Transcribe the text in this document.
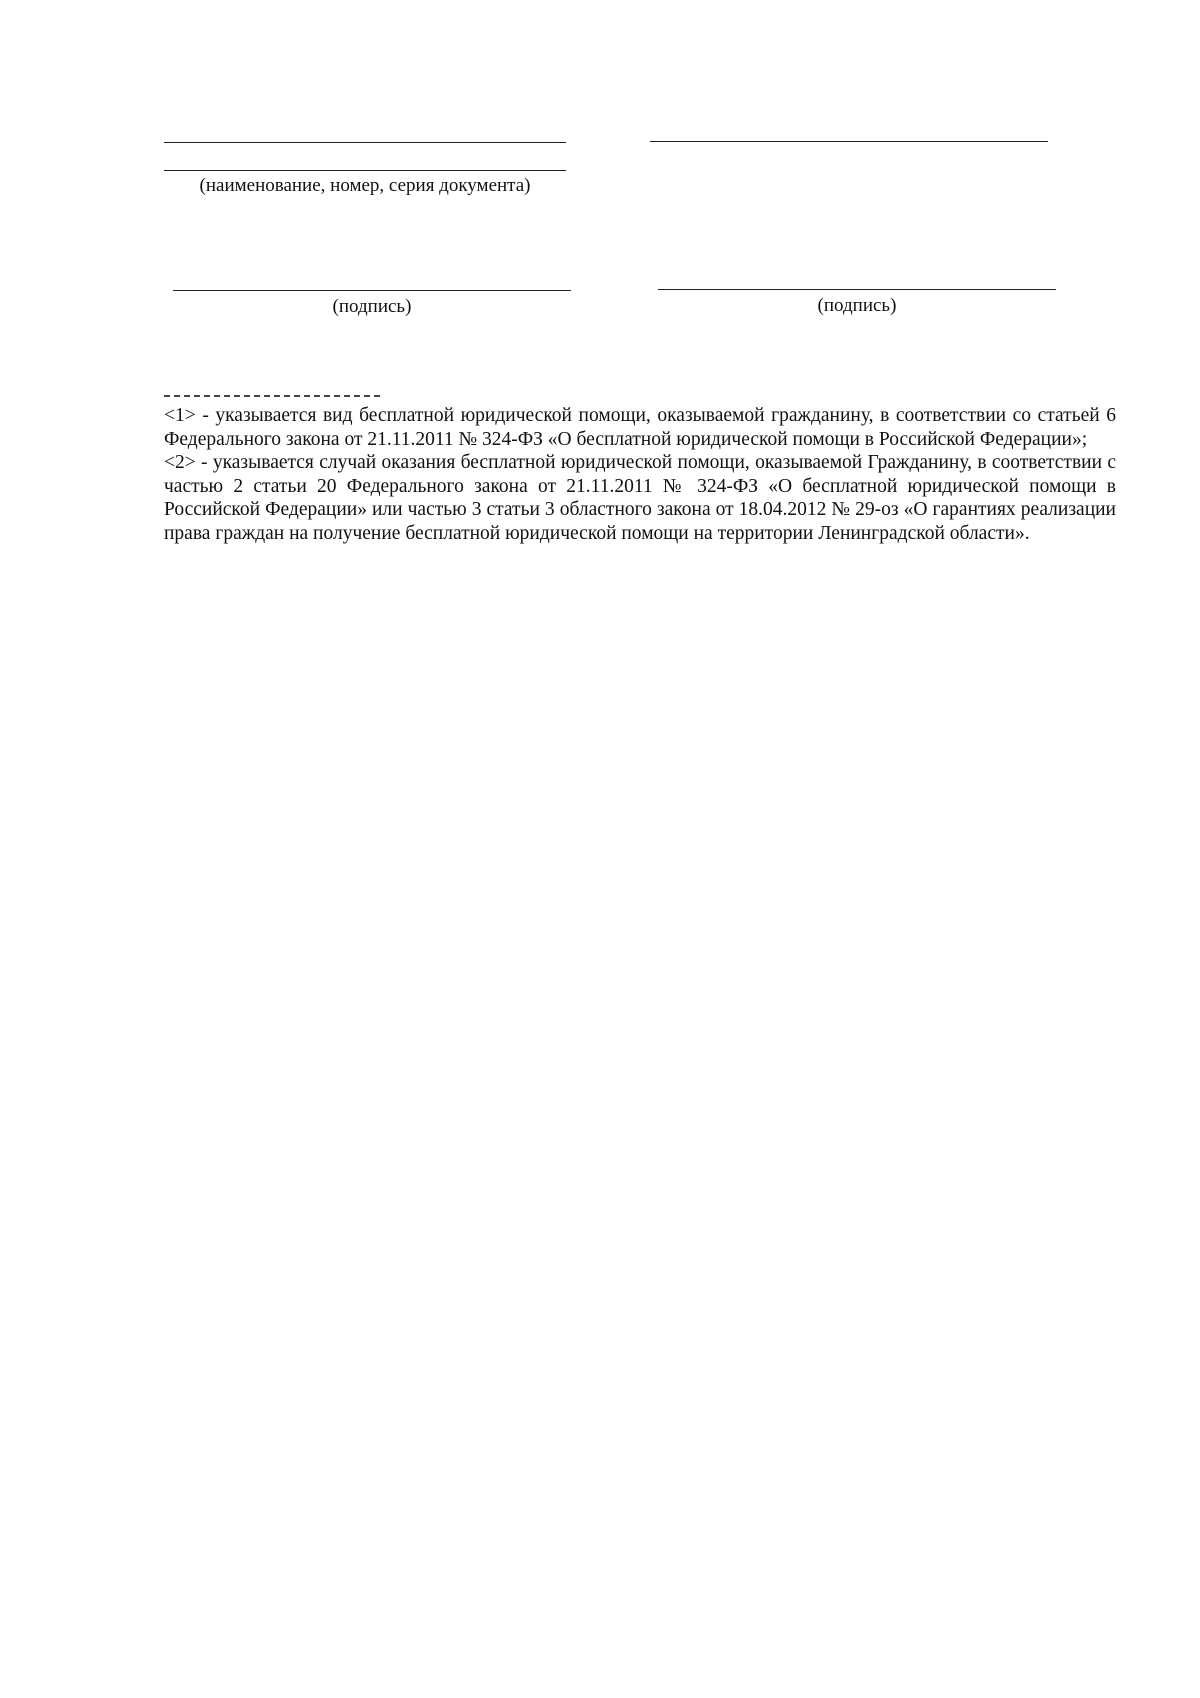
(наименование, номер, серия документа)
(подпись)	(подпись)

<1> - указывается вид бесплатной юридической помощи, оказываемой гражданину, в соответствии со статьей 6 Федерального закона от 21.11.2011 № 324-ФЗ «О бесплатной юридической помощи в Российской Федерации»;

<2> - указывается случай оказания бесплатной юридической помощи, оказываемой Гражданину, в соответствии с частью 2 статьи 20 Федерального закона от 21.11.2011 № 324-ФЗ «О бесплатной юридической помощи в Российской Федерации» или частью 3 статьи 3 областного закона от 18.04.2012 № 29-оз «О гарантиях реализации права граждан на получение бесплатной юридической помощи на территории Ленинградской области».
